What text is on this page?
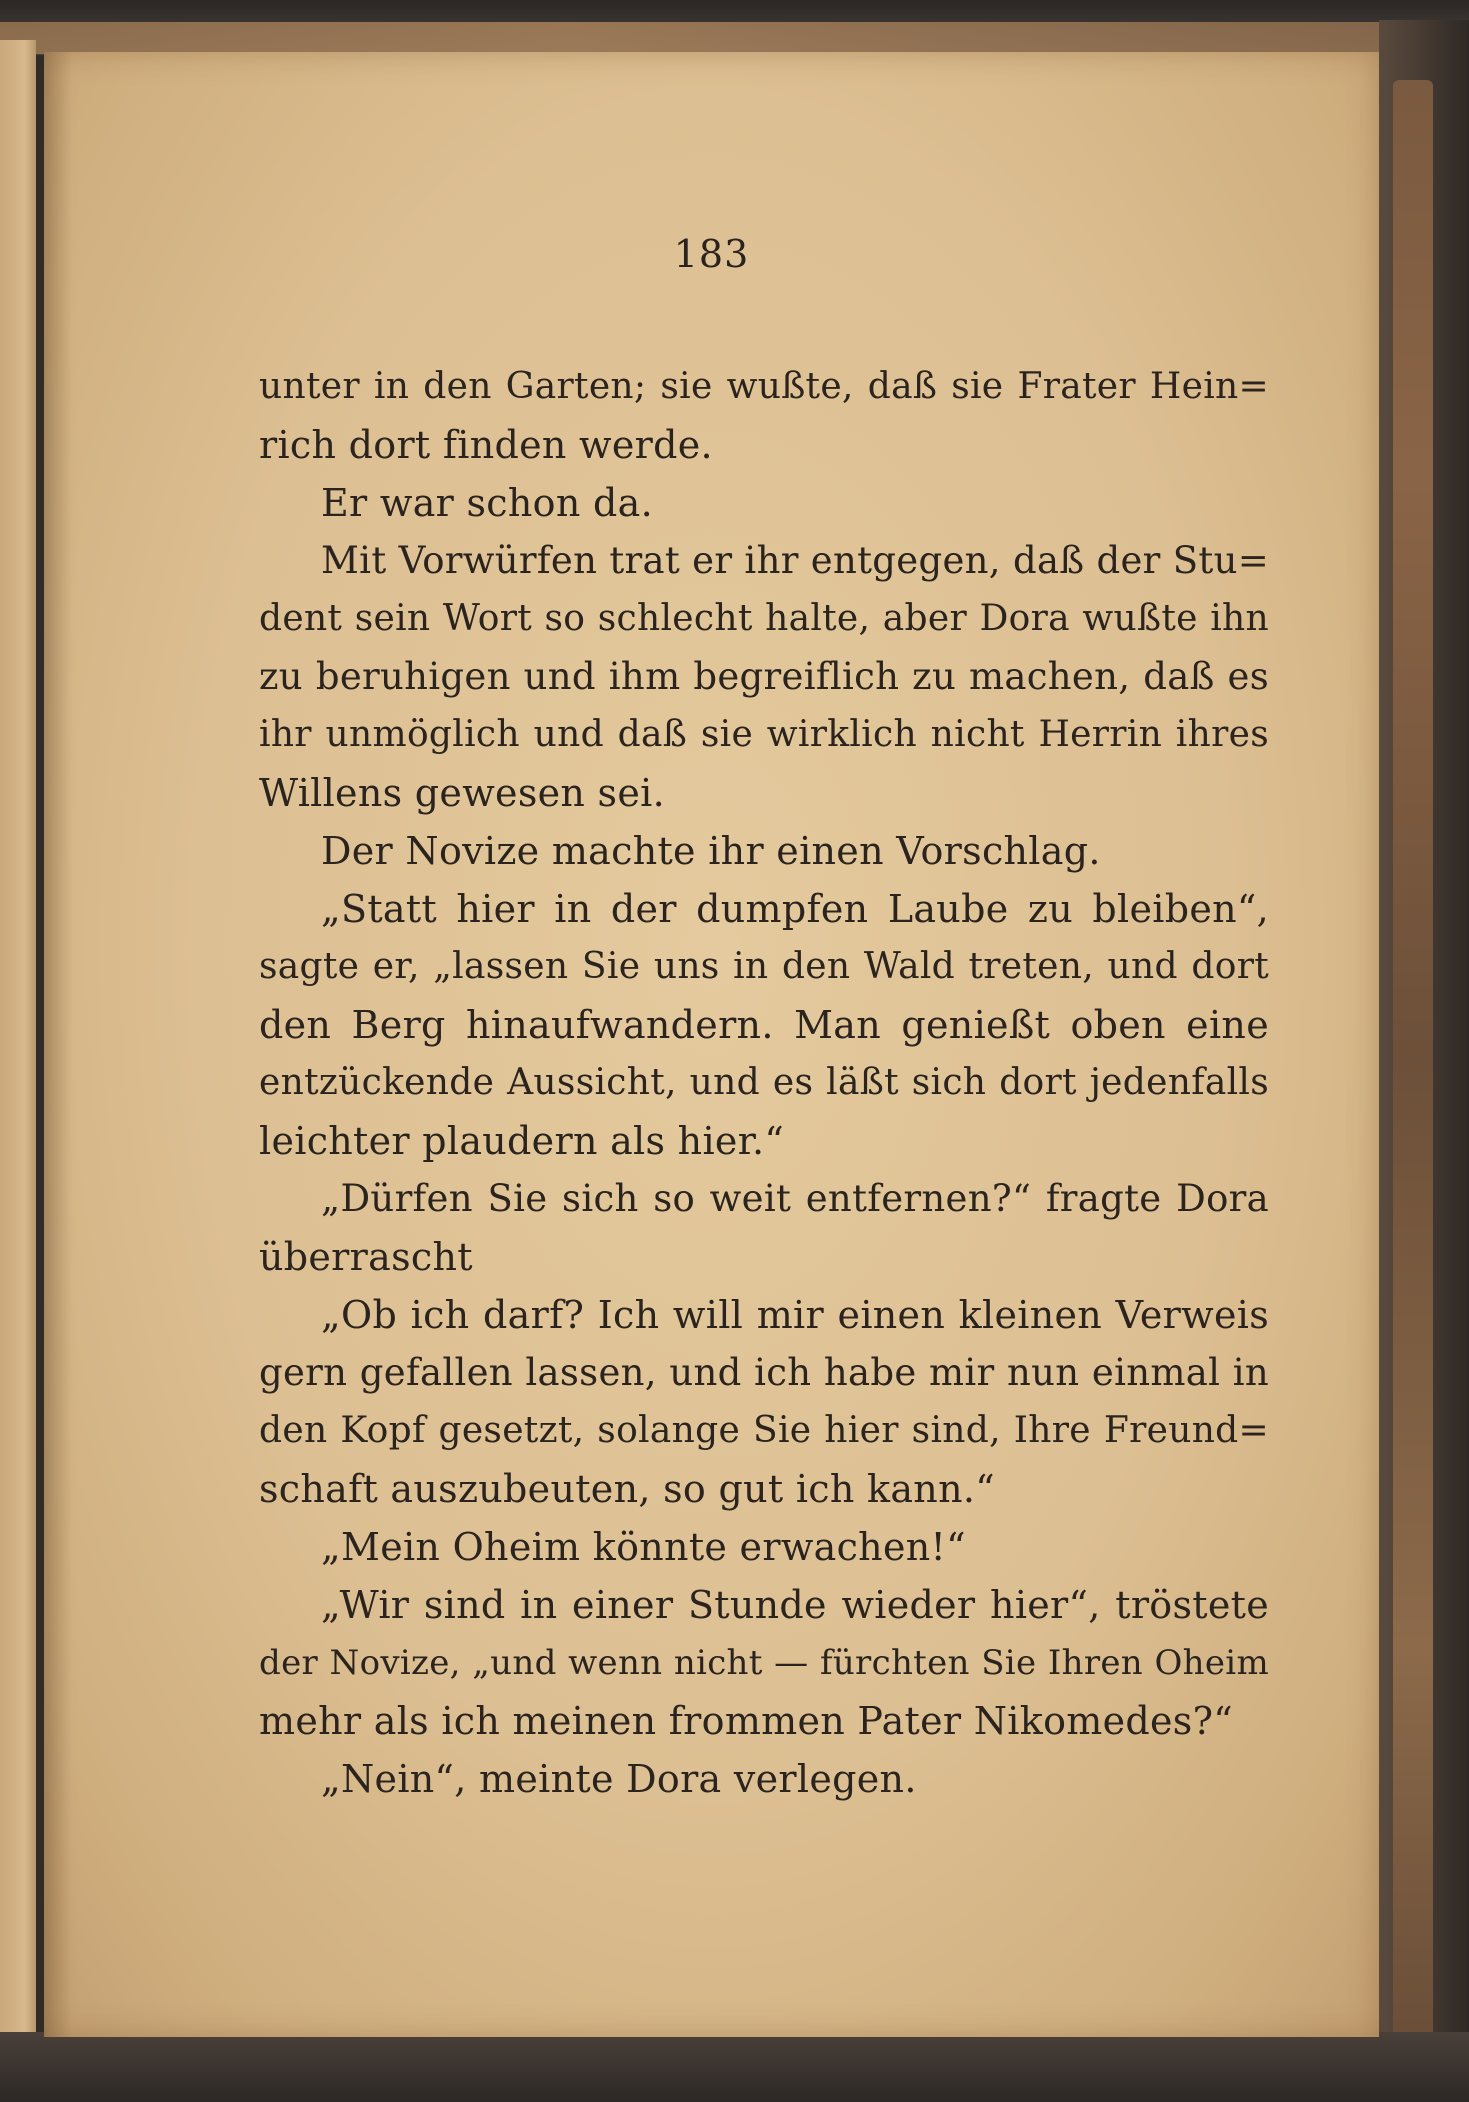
183
unter in den Garten; sie wußte, daß sie Frater Hein=
rich dort finden werde.
Er war schon da.
Mit Vorwürfen trat er ihr entgegen, daß der Stu=
dent sein Wort so schlecht halte, aber Dora wußte ihn
zu beruhigen und ihm begreiflich zu machen, daß es
ihr unmöglich und daß sie wirklich nicht Herrin ihres
Willens gewesen sei.
Der Novize machte ihr einen Vorschlag.
„Statt hier in der dumpfen Laube zu bleiben“,
sagte er, „lassen Sie uns in den Wald treten, und dort
den Berg hinaufwandern. Man genießt oben eine
entzückende Aussicht, und es läßt sich dort jedenfalls
leichter plaudern als hier.“
„Dürfen Sie sich so weit entfernen?“ fragte Dora
überrascht
„Ob ich darf? Ich will mir einen kleinen Verweis
gern gefallen lassen, und ich habe mir nun einmal in
den Kopf gesetzt, solange Sie hier sind, Ihre Freund=
schaft auszubeuten, so gut ich kann.“
„Mein Oheim könnte erwachen!“
„Wir sind in einer Stunde wieder hier“, tröstete
der Novize, „und wenn nicht — fürchten Sie Ihren Oheim
mehr als ich meinen frommen Pater Nikomedes?“
„Nein“, meinte Dora verlegen.
